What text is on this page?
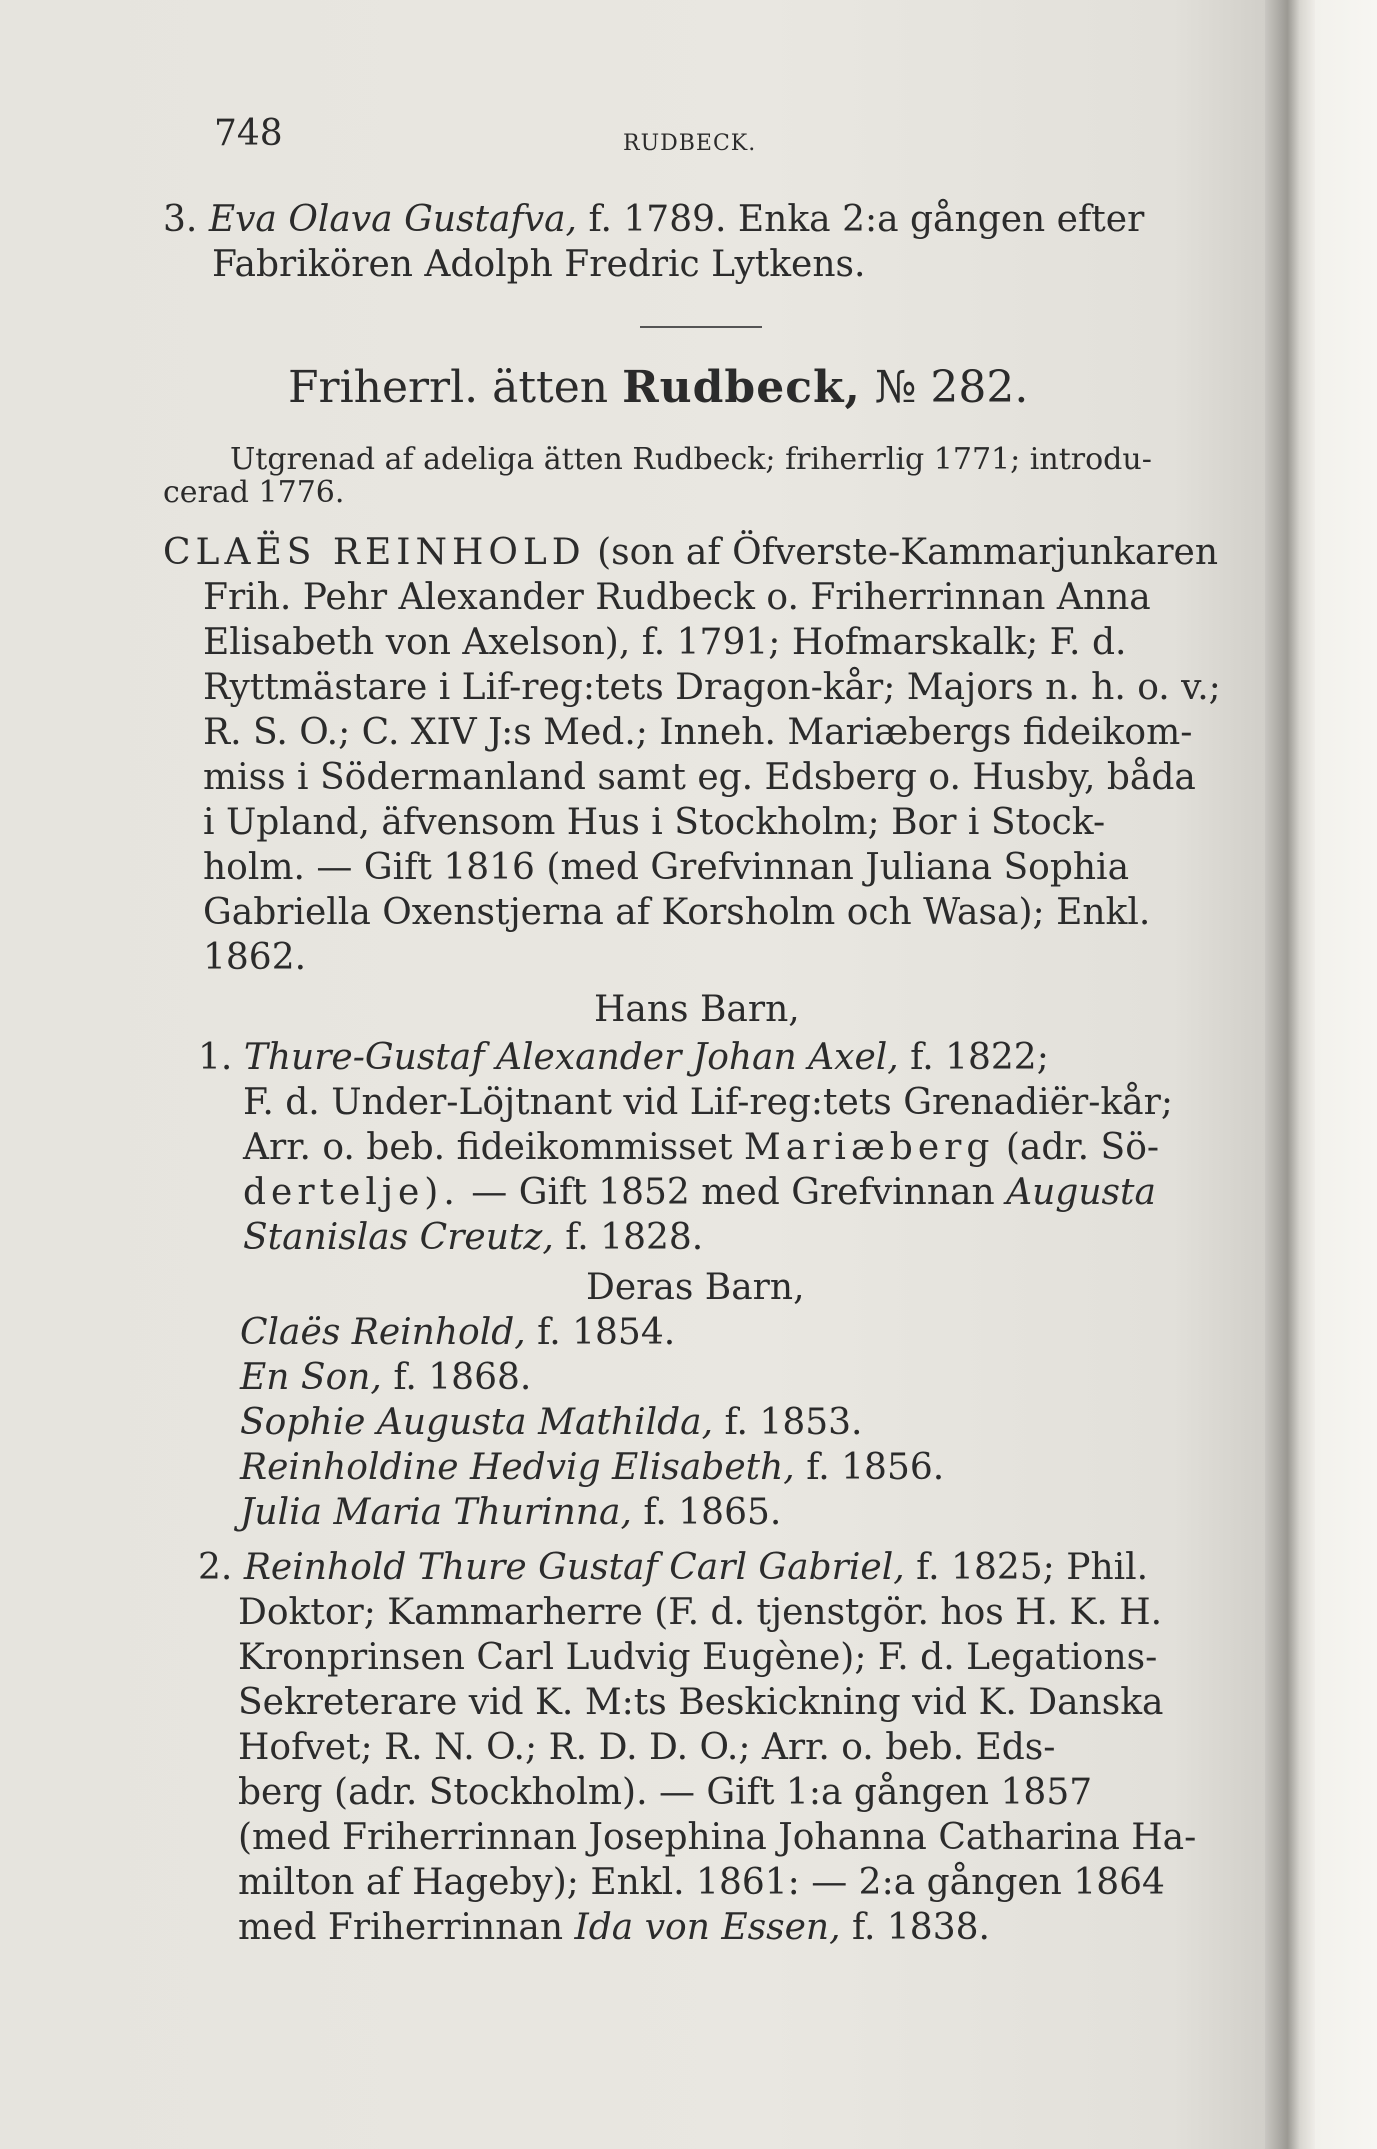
748	RUDBECK.
3. Eva Olava Gustafva, f. 1789. Enka 2:a gången efter
Fabrikören Adolph Fredric Lytkens.
Friherrl. ätten Rudbeck, № 282.
Utgrenad af adeliga ätten Rudbeck; friherrlig 1771; introdu-
cerad 1776.
CLAËS REINHOLD (son af Öfverste-Kammarjunkaren
Frih. Pehr Alexander Rudbeck o. Friherrinnan Anna
Elisabeth von Axelson), f. 1791; Hofmarskalk; F. d.
Ryttmästare i Lif-reg:tets Dragon-kår; Majors n. h. o. v.;
R. S. O.; C. XIV J:s Med.; Inneh. Mariæbergs fideikom-
miss i Södermanland samt eg. Edsberg o. Husby, båda
i Upland, äfvensom Hus i Stockholm; Bor i Stock-
holm. — Gift 1816 (med Grefvinnan Juliana Sophia
Gabriella Oxenstjerna af Korsholm och Wasa); Enkl.
1862.
Hans Barn,
1. Thure-Gustaf Alexander Johan Axel, f. 1822;
F. d. Under-Löjtnant vid Lif-reg:tets Grenadiër-kår;
Arr. o. beb. fideikommisset Mariæberg (adr. Sö-
dertelje). — Gift 1852 med Grefvinnan Augusta
Stanislas Creutz, f. 1828.
Deras Barn,
Claës Reinhold, f. 1854.
En Son, f. 1868.
Sophie Augusta Mathilda, f. 1853.
Reinholdine Hedvig Elisabeth, f. 1856.
Julia Maria Thurinna, f. 1865.
2. Reinhold Thure Gustaf Carl Gabriel, f. 1825; Phil.
Doktor; Kammarherre (F. d. tjenstgör. hos H. K. H.
Kronprinsen Carl Ludvig Eugène); F. d. Legations-
Sekreterare vid K. M:ts Beskickning vid K. Danska
Hofvet; R. N. O.; R. D. D. O.; Arr. o. beb. Eds-
berg (adr. Stockholm). — Gift 1:a gången 1857
(med Friherrinnan Josephina Johanna Catharina Ha-
milton af Hageby); Enkl. 1861: — 2:a gången 1864
med Friherrinnan Ida von Essen, f. 1838.
